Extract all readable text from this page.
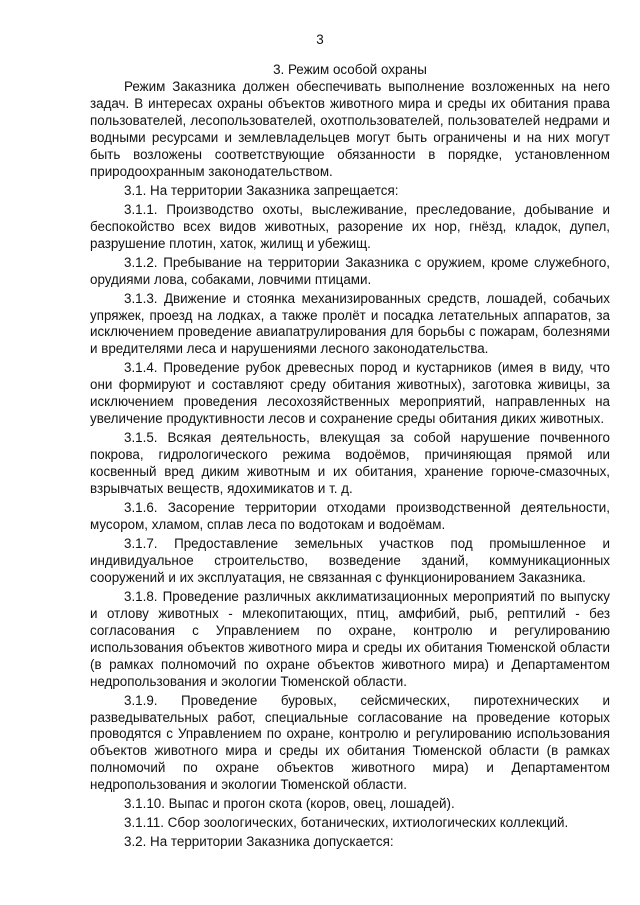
3
3. Режим особой охраны

Режим Заказника должен обеспечивать выполнение возложенных на него задач. В интересах охраны объектов животного мира и среды их обитания права пользователей, лесопользователей, охотпользователей, пользователей недрами и водными ресурсами и землевладельцев могут быть ограничены и на них могут быть возложены соответствующие обязанности в порядке, установленном природоохранным законодательством.

3.1. На территории Заказника запрещается:

3.1.1. Производство охоты, выслеживание, преследование, добывание и беспокойство всех видов животных, разорение их нор, гнёзд, кладок, дупел, разрушение плотин, хаток, жилищ и убежищ.

3.1.2. Пребывание на территории Заказника с оружием, кроме служебного, орудиями лова, собаками, ловчими птицами.

3.1.3. Движение и стоянка механизированных средств, лошадей, собачьих упряжек, проезд на лодках, а также пролёт и посадка летательных аппаратов, за исключением проведение авиапатрулирования для борьбы с пожарам, болезнями и вредителями леса и нарушениями лесного законодательства.

3.1.4. Проведение рубок древесных пород и кустарников (имея в виду, что они формируют и составляют среду обитания животных), заготовка живицы, за исключением проведения лесохозяйственных мероприятий, направленных на увеличение продуктивности лесов и сохранение среды обитания диких животных.

3.1.5. Всякая деятельность, влекущая за собой нарушение почвенного покрова, гидрологического режима водоёмов, причиняющая прямой или косвенный вред диким животным и их обитания, хранение горюче-смазочных, взрывчатых веществ, ядохимикатов и т. д.

3.1.6. Засорение территории отходами производственной деятельности, мусором, хламом, сплав леса по водотокам и водоёмам.

3.1.7. Предоставление земельных участков под промышленное и индивидуальное строительство, возведение зданий, коммуникационных сооружений и их эксплуатация, не связанная с функционированием Заказника.

3.1.8. Проведение различных акклиматизационных мероприятий по выпуску и отлову животных - млекопитающих, птиц, амфибий, рыб, рептилий - без согласования с Управлением по охране, контролю и регулированию использования объектов животного мира и среды их обитания Тюменской области (в рамках полномочий по охране объектов животного мира) и Департаментом недропользования и экологии Тюменской области.

3.1.9. Проведение буровых, сейсмических, пиротехнических и разведывательных работ, специальные согласование на проведение которых проводятся с Управлением по охране, контролю и регулированию использования объектов животного мира и среды их обитания Тюменской области (в рамках полномочий по охране объектов животного мира) и Департаментом недропользования и экологии Тюменской области.

3.1.10. Выпас и прогон скота (коров, овец, лошадей).

3.1.11. Сбор зоологических, ботанических, ихтиологических коллекций.

3.2. На территории Заказника допускается:
